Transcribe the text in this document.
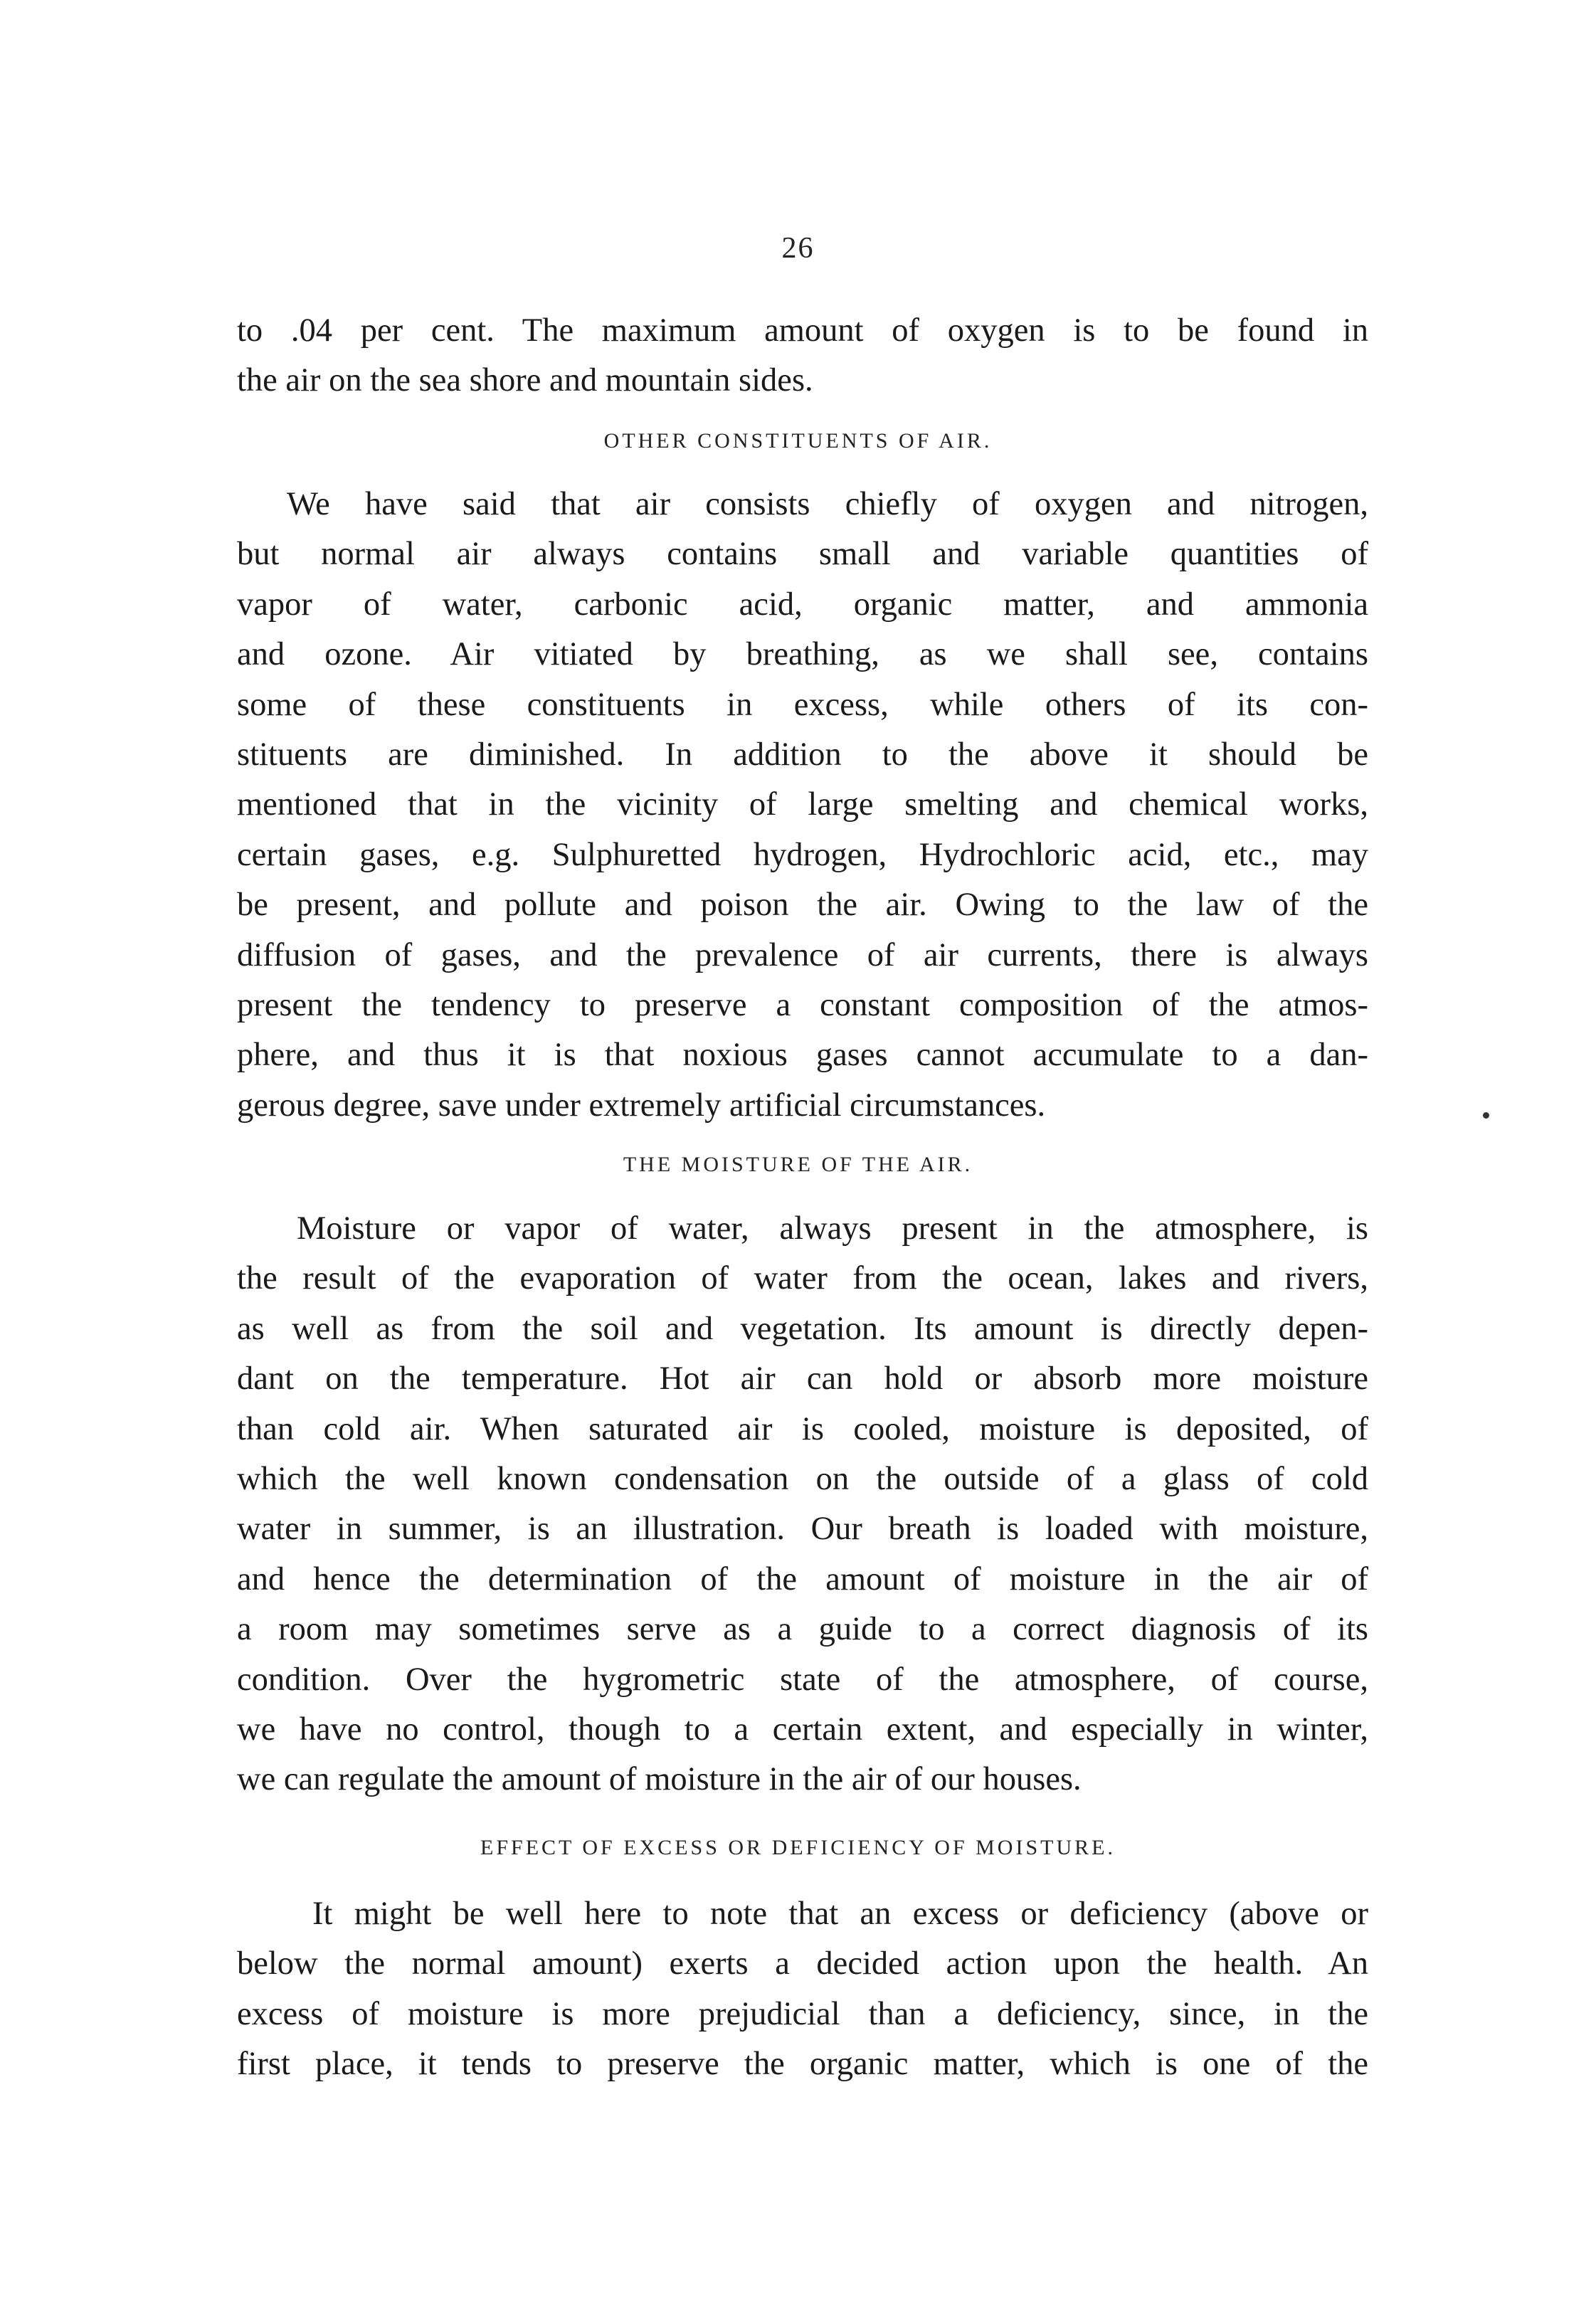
26
to .04 per cent. The maximum amount of oxygen is to be found in
the air on the sea shore and mountain sides.
OTHER CONSTITUENTS OF AIR.
We have said that air consists chiefly of oxygen and nitrogen,
but normal air always contains small and variable quantities of
vapor of water, carbonic acid, organic matter, and ammonia
and ozone. Air vitiated by breathing, as we shall see, contains
some of these constituents in excess, while others of its con-
stituents are diminished. In addition to the above it should be
mentioned that in the vicinity of large smelting and chemical works,
certain gases, e.g. Sulphuretted hydrogen, Hydrochloric acid, etc., may
be present, and pollute and poison the air. Owing to the law of the
diffusion of gases, and the prevalence of air currents, there is always
present the tendency to preserve a constant composition of the atmos-
phere, and thus it is that noxious gases cannot accumulate to a dan-
gerous degree, save under extremely artificial circumstances.
THE MOISTURE OF THE AIR.
Moisture or vapor of water, always present in the atmosphere, is
the result of the evaporation of water from the ocean, lakes and rivers,
as well as from the soil and vegetation. Its amount is directly depen-
dant on the temperature. Hot air can hold or absorb more moisture
than cold air. When saturated air is cooled, moisture is deposited, of
which the well known condensation on the outside of a glass of cold
water in summer, is an illustration. Our breath is loaded with moisture,
and hence the determination of the amount of moisture in the air of
a room may sometimes serve as a guide to a correct diagnosis of its
condition. Over the hygrometric state of the atmosphere, of course,
we have no control, though to a certain extent, and especially in winter,
we can regulate the amount of moisture in the air of our houses.
EFFECT OF EXCESS OR DEFICIENCY OF MOISTURE.
It might be well here to note that an excess or deficiency (above or
below the normal amount) exerts a decided action upon the health. An
excess of moisture is more prejudicial than a deficiency, since, in the
first place, it tends to preserve the organic matter, which is one of the
